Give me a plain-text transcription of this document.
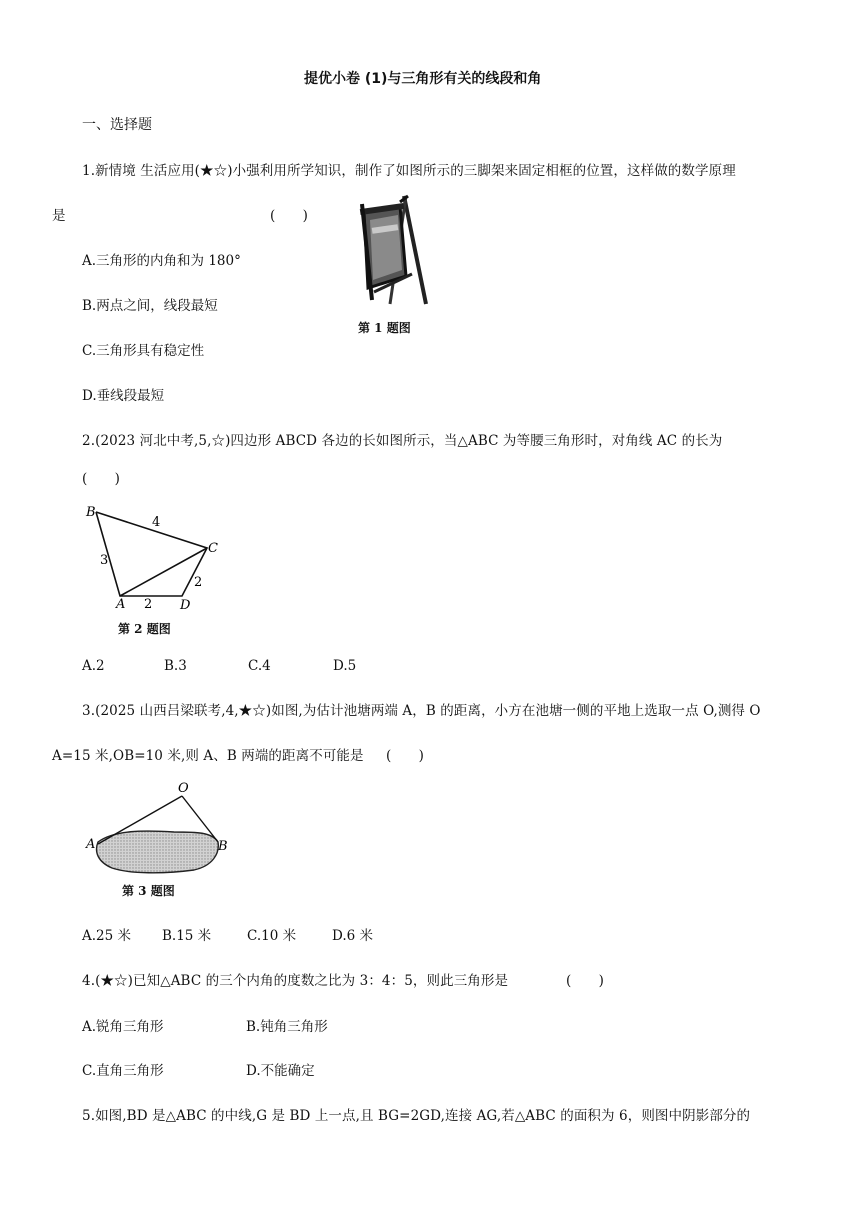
提优小卷 (1)与三角形有关的线段和角
一、选择题
1.新情境 生活应用(★☆)小强利用所学知识，制作了如图所示的三脚架来固定相框的位置，这样做的数学原理
是	(　　)
A.三角形的内角和为 180°
B.两点之间，线段最短
C.三角形具有稳定性
D.垂线段最短
第 1 题图
2.(2023 河北中考,5,☆)四边形 ABCD 各边的长如图所示，当△ABC 为等腰三角形时，对角线 AC 的长为
(　　)
B
C
A	D
4
3
2
2
第 2 题图
A.2	B.3	C.4	D.5
3.(2025 山西吕梁联考,4,★☆)如图,为估计池塘两端 A，B 的距离，小方在池塘一侧的平地上选取一点 O,测得 O
A=15 米,OB=10 米,则 A、B 两端的距离不可能是 (　　)
O
A	B
第 3 题图
A.25 米 B.15 米	C.10 米	D.6 米
4.(★☆)已知△ABC 的三个内角的度数之比为 3：4：5，则此三角形是	(　　)
A.锐角三角形	B.钝角三角形
C.直角三角形	D.不能确定
5.如图,BD 是△ABC 的中线,G 是 BD 上一点,且 BG=2GD,连接 AG,若△ABC 的面积为 6，则图中阴影部分的
